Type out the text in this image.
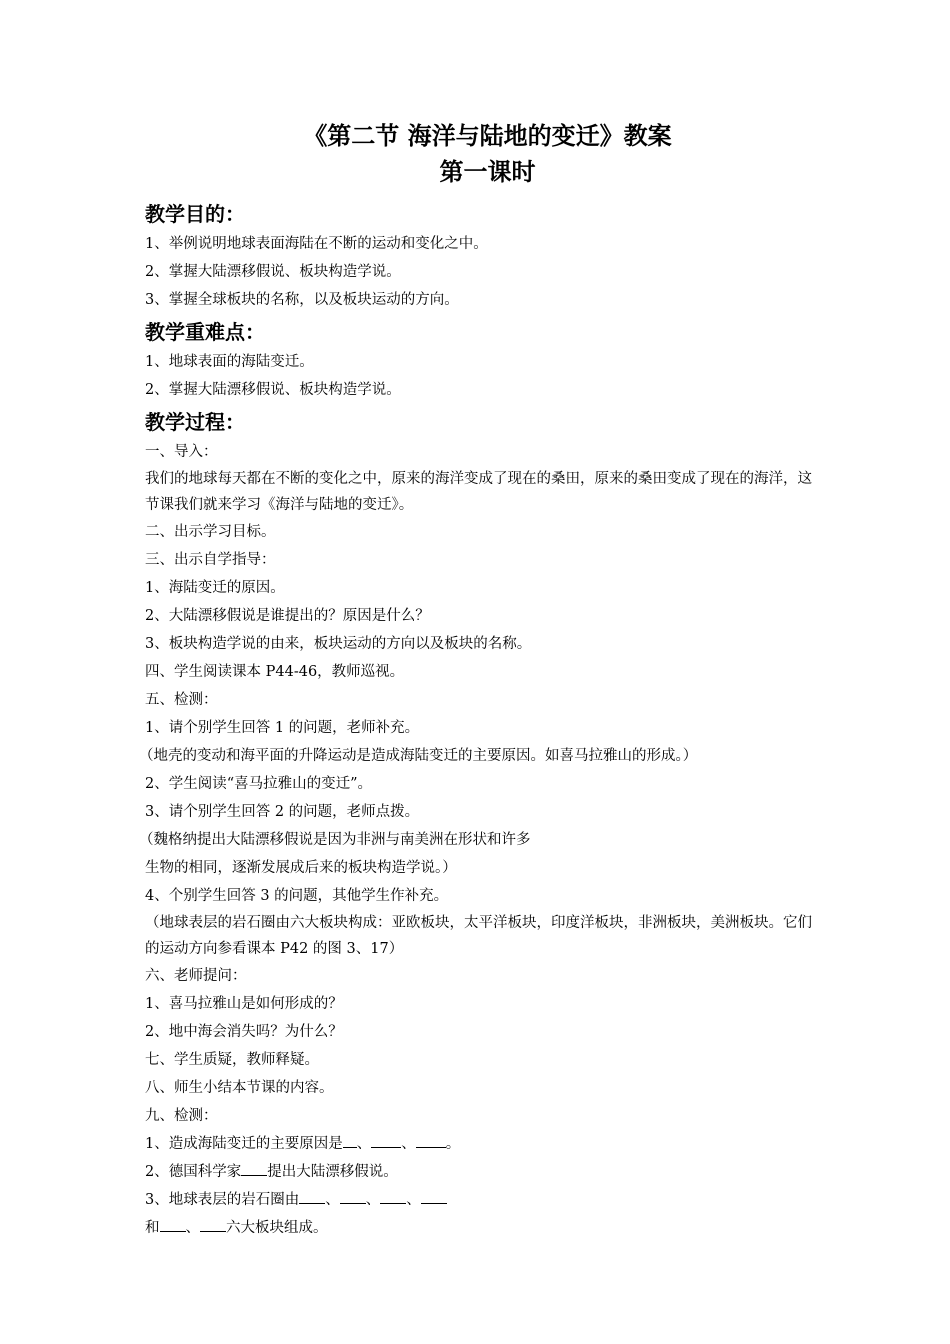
《第二节 海洋与陆地的变迁》教案

第一课时

教学目的：

1、举例说明地球表面海陆在不断的运动和变化之中。

2、掌握大陆漂移假说、板块构造学说。

3、掌握全球板块的名称，以及板块运动的方向。

教学重难点：

1、地球表面的海陆变迁。

2、掌握大陆漂移假说、板块构造学说。

教学过程：

一、导入：

我们的地球每天都在不断的变化之中，原来的海洋变成了现在的桑田，原来的桑田变成了现在的海洋，这节课我们就来学习《海洋与陆地的变迁》。

二、出示学习目标。

三、出示自学指导：

1、海陆变迁的原因。

2、大陆漂移假说是谁提出的？原因是什么？

3、板块构造学说的由来，板块运动的方向以及板块的名称。

四、学生阅读课本 P44-46，教师巡视。

五、检测：

1、请个别学生回答 1 的问题，老师补充。

（地壳的变动和海平面的升降运动是造成海陆变迁的主要原因。如喜马拉雅山的形成。）

2、学生阅读“喜马拉雅山的变迁”。

3、请个别学生回答 2 的问题，老师点拨。

（魏格纳提出大陆漂移假说是因为非洲与南美洲在形状和许多

生物的相同，逐渐发展成后来的板块构造学说。）

4、个别学生回答 3 的问题，其他学生作补充。

（地球表层的岩石圈由六大板块构成：亚欧板块，太平洋板块，印度洋板块，非洲板块，美洲板块。它们的运动方向参看课本 P42 的图 3、17）

六、老师提问：

1、喜马拉雅山是如何形成的？

2、地中海会消失吗？为什么？

七、学生质疑，教师释疑。

八、师生小结本节课的内容。

九、检测：

1、造成海陆变迁的主要原因是 、 、 。

2、德国科学家 提出大陆漂移假说。

3、地球表层的岩石圈由 、 、 、

和 、 六大板块组成。
